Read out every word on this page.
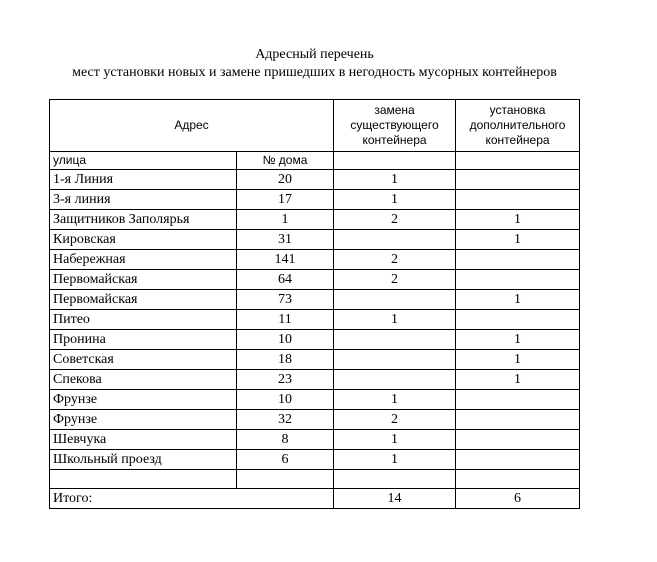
Адресный перечень
мест установки новых и замене пришедших в негодность мусорных контейнеров
Адрес		замена существующего контейнера	установка дополнительного контейнера
улица	№ дома		
1-я Линия	20	1	
3-я линия	17	1	
Защитников Заполярья	1	2	1
Кировская	31		1
Набережная	141	2	
Первомайская	64	2	
Первомайская	73		1
Питео	11	1	
Пронина	10		1
Советская	18		1
Спекова	23		1
Фрунзе	10	1	
Фрунзе	32	2	
Шевчука	8	1	
Школьный проезд	6	1	

Итого:		14	6
